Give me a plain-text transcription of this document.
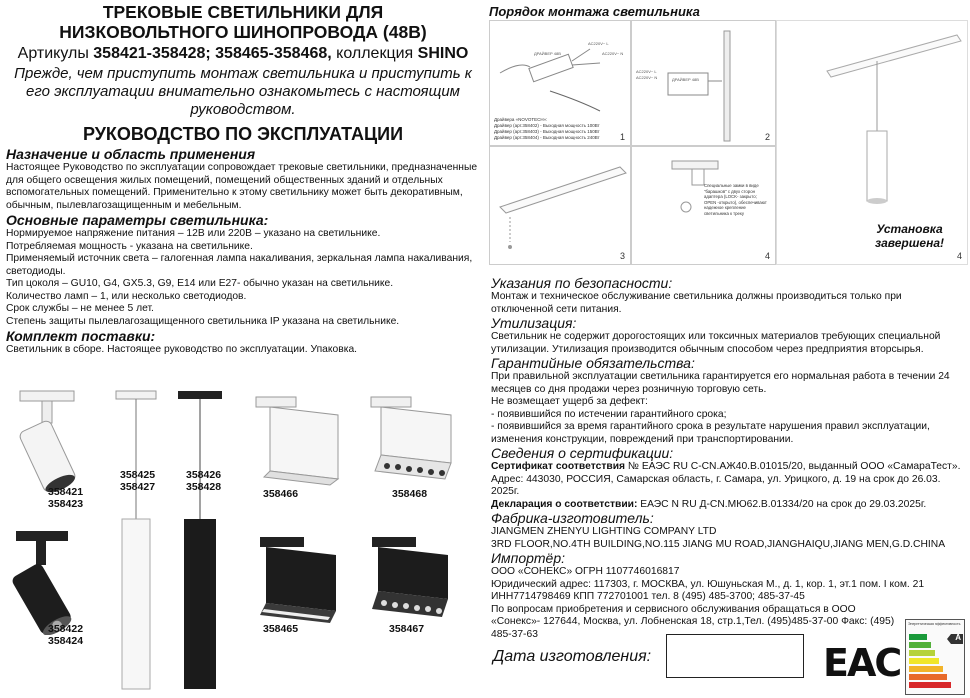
ТРЕКОВЫЕ СВЕТИЛЬНИКИ ДЛЯ
НИЗКОВОЛЬТНОГО ШИНОПРОВОДА (48В)
Артикулы 358421-358428; 358465-358468, коллекция SHINO
Прежде, чем приступить монтаж светильника и приступить к его эксплуатации внимательно ознакомьтесь с настоящим руководством.
РУКОВОДСТВО ПО ЭКСПЛУАТАЦИИ
Назначение и область применения
Настоящее Руководство по эксплуатации сопровождает трековые светильники, предназначенные для общего освещения жилых помещений, помещений общественных зданий и отдельных вспомогательных помещений. Применительно к этому светильнику может быть декоративным, обычным, пылевлагозащищенным и мебельным.
Основные параметры светильника:
Нормируемое напряжение питания – 12В или 220В – указано на светильнике.
Потребляемая мощность - указана на светильнике.
Применяемый источник света – галогенная лампа накаливания, зеркальная лампа накаливания, светодиоды.
Тип цоколя – GU10, G4, GX5.3, G9, E14 или E27- обычно указан на светильнике.
Количество ламп – 1, или несколько светодиодов.
Срок службы – не менее 5 лет.
Степень защиты пылевлагозащищенного светильника IP указана на светильнике.
Комплект поставки:
Светильник в сборе. Настоящее руководство по эксплуатации. Упаковка.
358421
358423
358425
358427
358426
358428
358466	358468
358422
358424
358465	358467
Порядок монтажа светильника
ДРАЙВЕР 48В
AC220V~ L
AC220V~ N
Драйвера «NOVOTECH»:
Драйвер (арт.358402) - Выходная мощность 100Вт
Драйвер (арт.358403) - Выходная мощность 150Вт
Драйвер (арт.358404) - Выходная мощность 240Вт 1
AC220V~ L
AC220V~ N	ДРАЙВЕР 48В
2
3
Специальные замки в виде "барашков" с двух сторон адаптера (LOCK- закрыто; OPEN -открыто), обеспечивают надежное крепление светильника к треку
4	4
Установка
завершена!
Указания по безопасности:
Монтаж и техническое обслуживание светильника должны производиться только при отключенной сети питания.
Утилизация:
Светильник не содержит дорогостоящих или токсичных материалов требующих специальной утилизации. Утилизация производится обычным способом через предприятия вторсырья.
Гарантийные обязательства:
При правильной эксплуатации светильника гарантируется его нормальная работа в течении 24 месяцев со дня продажи через розничную торговую сеть.
Не возмещает ущерб за дефект:
- появившийся по истечении гарантийного срока;
- появившийся за время гарантийного срока в результате нарушения правил эксплуатации, изменения конструкции, повреждений при транспортировании.
Сведения о сертификации:
Сертификат соответствия № ЕАЭС RU C-CN.АЖ40.В.01015/20, выданный ООО «СамараТест». Адрес: 443030, РОССИЯ, Самарская область, г. Самара, ул. Урицкого, д. 19 на срок до 26.03. 2025г.
Декларация о соответствии: ЕАЭС N RU Д-CN.МЮ62.В.01334/20 на срок до 29.03.2025г.
Фабрика-изготовитель:
JIANGMEN ZHENYU LIGHTING COMPANY LTD
3RD FLOOR,NO.4TH BUILDING,NO.115 JIANG MU ROAD,JIANGHAIQU,JIANG MEN,G.D.CHINA
Импортёр:
ООО «СОНЕКС» ОГРН 1107746016817
Юридический адрес: 117303, г. МОСКВА, ул. Юшуньская М., д. 1, кор. 1, эт.1 пом. I ком. 21
ИНН7714798469 КПП 772701001 тел. 8 (495) 485-3700; 485-37-45
По вопросам приобретения и сервисного обслуживания обращаться в ООО «Сонекс»- 127644, Москва, ул. Лобненская 18, стр.1,Тел. (495)485-37-00 Факс: (495) 485-37-63
Дата изготовления:	ЕАС
Энергетическая эффективность
A
